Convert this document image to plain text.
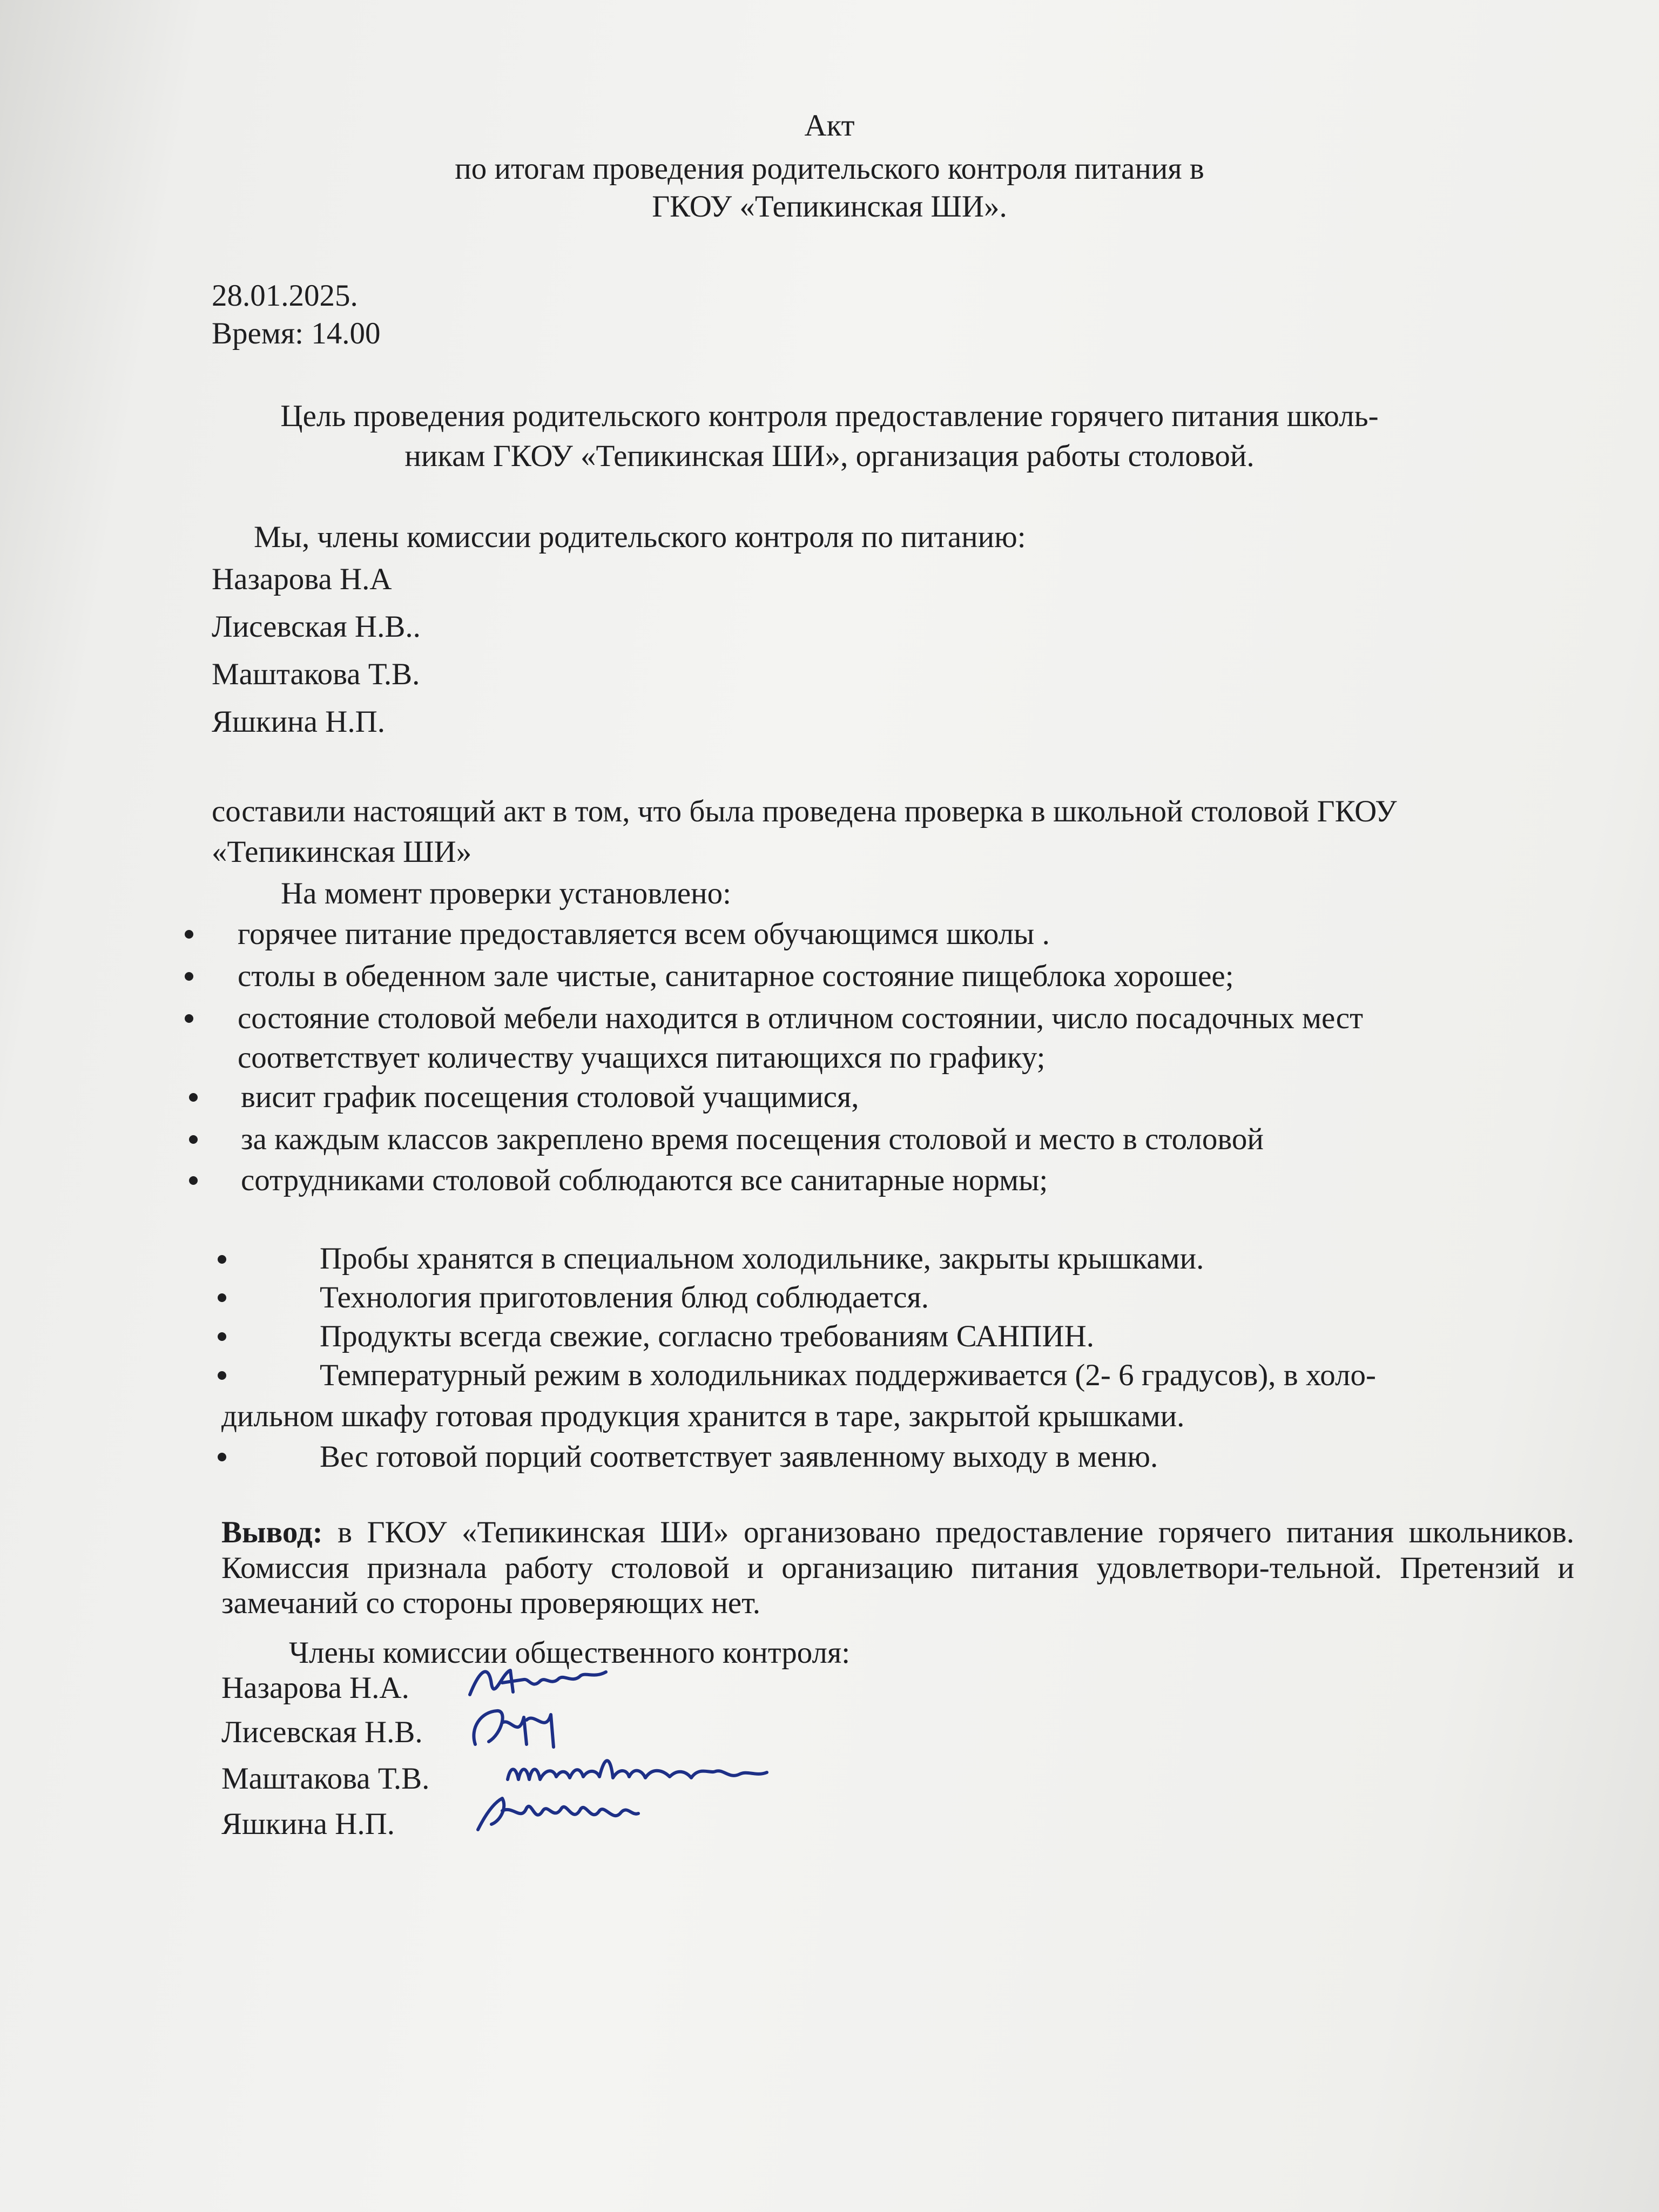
Акт
по итогам проведения родительского контроля питания в
ГКОУ «Тепикинская ШИ».
28.01.2025.
Время: 14.00
Цель проведения родительского контроля предоставление горячего питания школь-
никам ГКОУ «Тепикинская ШИ», организация работы столовой.
Мы, члены комиссии родительского контроля по питанию:
Назарова Н.А
Лисевская Н.В..
Маштакова Т.В.
Яшкина Н.П.
составили настоящий акт в том, что была проведена проверка в школьной столовой ГКОУ
«Тепикинская ШИ»
На момент проверки установлено:
горячее питание предоставляется всем обучающимся школы .
столы в обеденном зале чистые, санитарное состояние пищеблока хорошее;
состояние столовой мебели находится в отличном состоянии, число посадочных мест
соответствует количеству учащихся питающихся по графику;
висит график посещения столовой учащимися,
за каждым классов закреплено время посещения столовой и место в столовой
сотрудниками столовой соблюдаются все санитарные нормы;
Пробы хранятся в специальном холодильнике, закрыты крышками.
Технология приготовления блюд соблюдается.
Продукты всегда свежие, согласно требованиям САНПИН.
Температурный режим в холодильниках поддерживается (2- 6 градусов), в холо-
дильном шкафу готовая продукция хранится в таре, закрытой крышками.
Вес готовой порций соответствует заявленному выходу в меню.
Вывод: в ГКОУ «Тепикинская ШИ» организовано предоставление горячего питания школьников. Комиссия признала работу столовой и организацию питания удовлетвори-тельной. Претензий и замечаний со стороны проверяющих нет.
Члены комиссии общественного контроля:
Назарова Н.А.
Лисевская Н.В.
Маштакова Т.В.
Яшкина Н.П.
